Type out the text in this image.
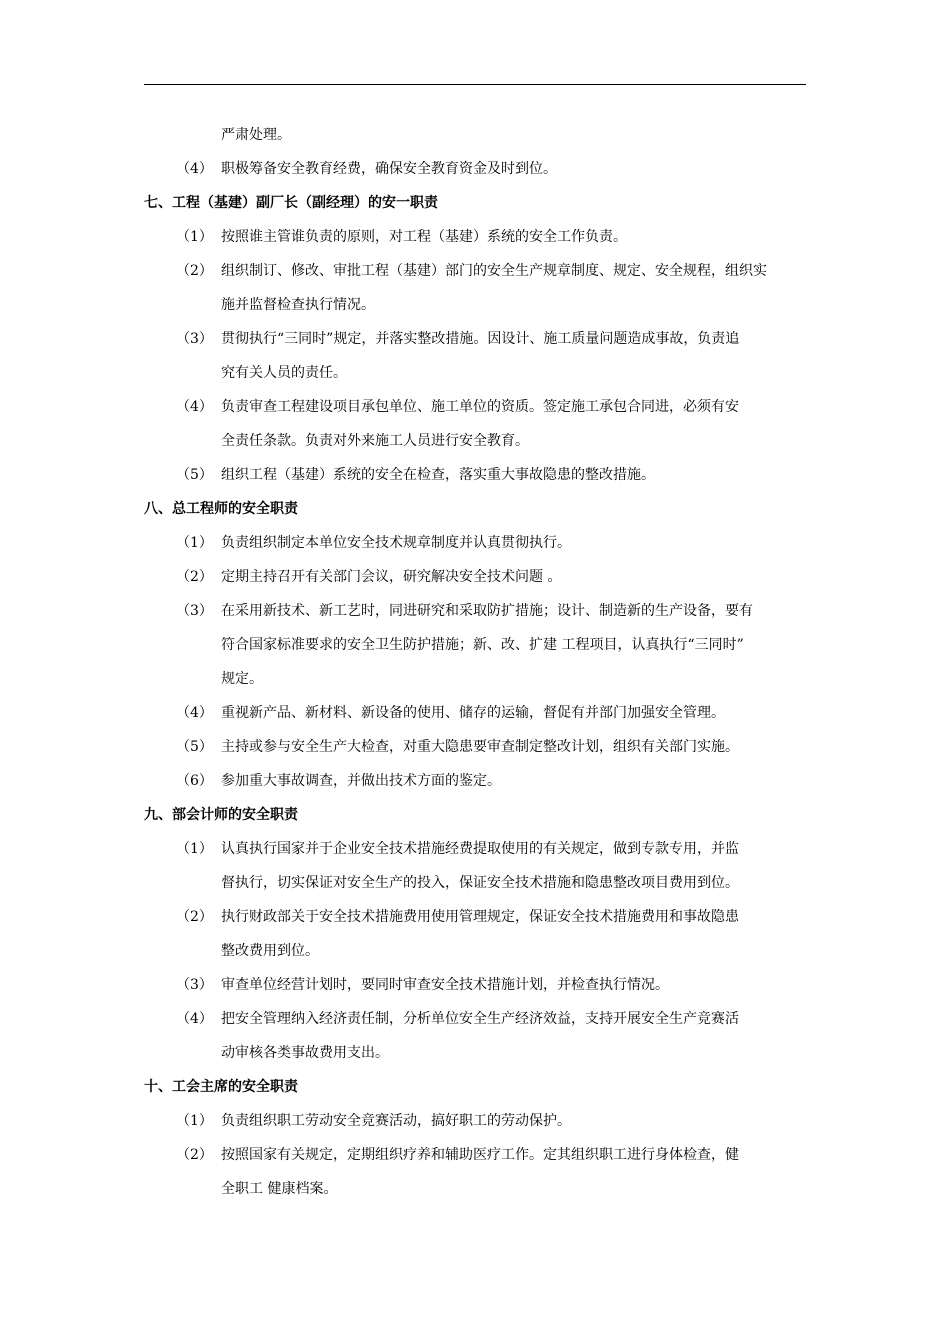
严肃处理。
（4） 职极筹备安全教育经费，确保安全教育资金及时到位。
七、工程（基建）副厂长（副经理）的安一职责
（1） 按照谁主管谁负责的原则，对工程（基建）系统的安全工作负责。
（2） 组织制订、修改、审批工程（基建）部门的安全生产规章制度、规定、安全规程，组织实
施并监督检查执行情况。
（3） 贯彻执行“三同时”规定，并落实整改措施。因设计、施工质量问题造成事故，负责追
究有关人员的责任。
（4） 负责审查工程建设项目承包单位、施工单位的资质。签定施工承包合同进，必须有安
全责任条款。负责对外来施工人员进行安全教育。
（5） 组织工程（基建）系统的安全在检查，落实重大事故隐患的整改措施。
八、总工程师的安全职责
（1） 负责组织制定本单位安全技术规章制度并认真贯彻执行。
（2） 定期主持召开有关部门会议，研究解决安全技术问题 。
（3） 在采用新技术、新工艺时，同进研究和采取防扩措施；设计、制造新的生产设备，要有
符合国家标准要求的安全卫生防护措施；新、改、扩建 工程项目，认真执行“三同时”
规定。
（4） 重视新产品、新材料、新设备的使用、储存的运输，督促有并部门加强安全管理。
（5） 主持或参与安全生产大检查，对重大隐患要审查制定整改计划，组织有关部门实施。
（6） 参加重大事故调查，并做出技术方面的鉴定。
九、部会计师的安全职责
（1） 认真执行国家并于企业安全技术措施经费提取使用的有关规定，做到专款专用，并监
督执行，切实保证对安全生产的投入，保证安全技术措施和隐患整改项目费用到位。
（2） 执行财政部关于安全技术措施费用使用管理规定，保证安全技术措施费用和事故隐患
整改费用到位。
（3） 审查单位经营计划时，要同时审查安全技术措施计划，并检查执行情况。
（4） 把安全管理纳入经济责任制，分析单位安全生产经济效益，支持开展安全生产竞赛活
动审核各类事故费用支出。
十、工会主席的安全职责
（1） 负责组织职工劳动安全竞赛活动，搞好职工的劳动保护。
（2） 按照国家有关规定，定期组织疗养和辅助医疗工作。定其组织职工进行身体检查，健
全职工 健康档案。
